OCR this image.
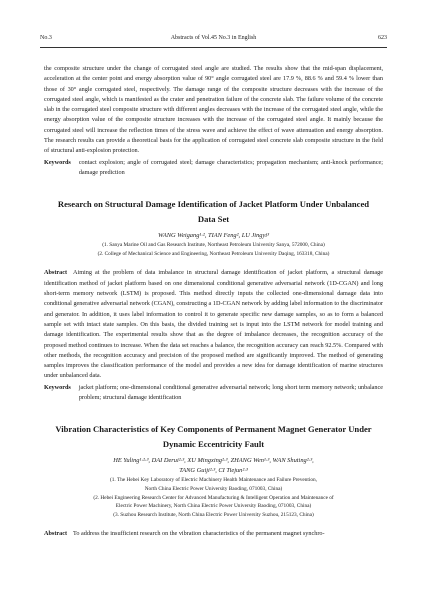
No.3	Abstracts of Vol.45 No.3 in English	623

the composite structure under the change of corrugated steel angle are studied. The results show that the mid-span displacement, acceleration at the center point and energy absorption value of 90° angle corrugated steel are 17.9 %, 88.6 % and 59.4 % lower than those of 30° angle corrugated steel, respectively. The damage range of the composite structure decreases with the increase of the corrugated steel angle, which is manifested as the crater and penetration failure of the concrete slab. The failure volume of the concrete slab in the corrugated steel composite structure with different angles decreases with the increase of the corrugated steel angle, while the energy absorption value of the composite structure increases with the increase of the corrugated steel angle. It mainly because the corrugated steel will increase the reflection times of the stress wave and achieve the effect of wave attenuation and energy absorption. The research results can provide a theoretical basis for the application of corrugated steel concrete slab composite structure in the field of structural anti-explosion protection.

Keywords contact explosion; angle of corrugated steel; damage characteristics; propagation mechanism; anti-knock performance; damage prediction
Research on Structural Damage Identification of Jacket Platform Under Unbalanced Data Set
WANG Weigang¹·², TIAN Feng², LU Jingyi³
(1. Sanya Marine Oil and Gas Research Institute, Northeast Petroleum University Sanya, 572000, China)
(2. College of Mechanical Science and Engineering, Northeast Petroleum University Daqing, 163318, China)

Abstract Aiming at the problem of data imbalance in structural damage identification of jacket platform, a structural damage identification method of jacket platform based on one dimensional conditional generative adversarial network (1D-CGAN) and long short-term memory network (LSTM) is proposed. This method directly inputs the collected one-dimensional damage data into conditional generative adversarial network (CGAN), constructing a 1D-CGAN network by adding label information to the discriminator and generator. In addition, it uses label information to control it to generate specific new damage samples, so as to form a balanced sample set with intact state samples. On this basis, the divided training set is input into the LSTM network for model training and damage identification. The experimental results show that as the degree of imbalance decreases, the recognition accuracy of the proposed method continues to increase. When the data set reaches a balance, the recognition accuracy can reach 92.5%. Compared with other methods, the recognition accuracy and precision of the proposed method are significantly improved. The method of generating samples improves the classification performance of the model and provides a new idea for damage identification of marine structures under unbalanced data.

Keywords jacket platform; one-dimensional conditional generative adversarial network; long short term memory network; unbalance problem; structural damage identification
Vibration Characteristics of Key Components of Permanent Magnet Generator Under Dynamic Eccentricity Fault
HE Yuling¹·²·³, DAI Derui²·³, XU Mingxing²·³, ZHANG Wen¹·³, WAN Shuting²·³,
TANG Guiji²·³, CI Tiejun²·³
(1. The Hebei Key Laboratory of Electric Machinery Health Maintenance and Failure Prevention,
North China Electric Power University Baoding, 071003, China)
(2. Hebei Engineering Research Center for Advanced Manufacturing & Intelligent Operation and Maintenance of
Electric Power Machinery, North China Electric Power University Baoding, 071003, China)
(3. Suzhou Research Institute, North China Electric Power University Suzhou, 215123, China)

Abstract To address the insufficient research on the vibration characteristics of the permanent magnet synchro-
